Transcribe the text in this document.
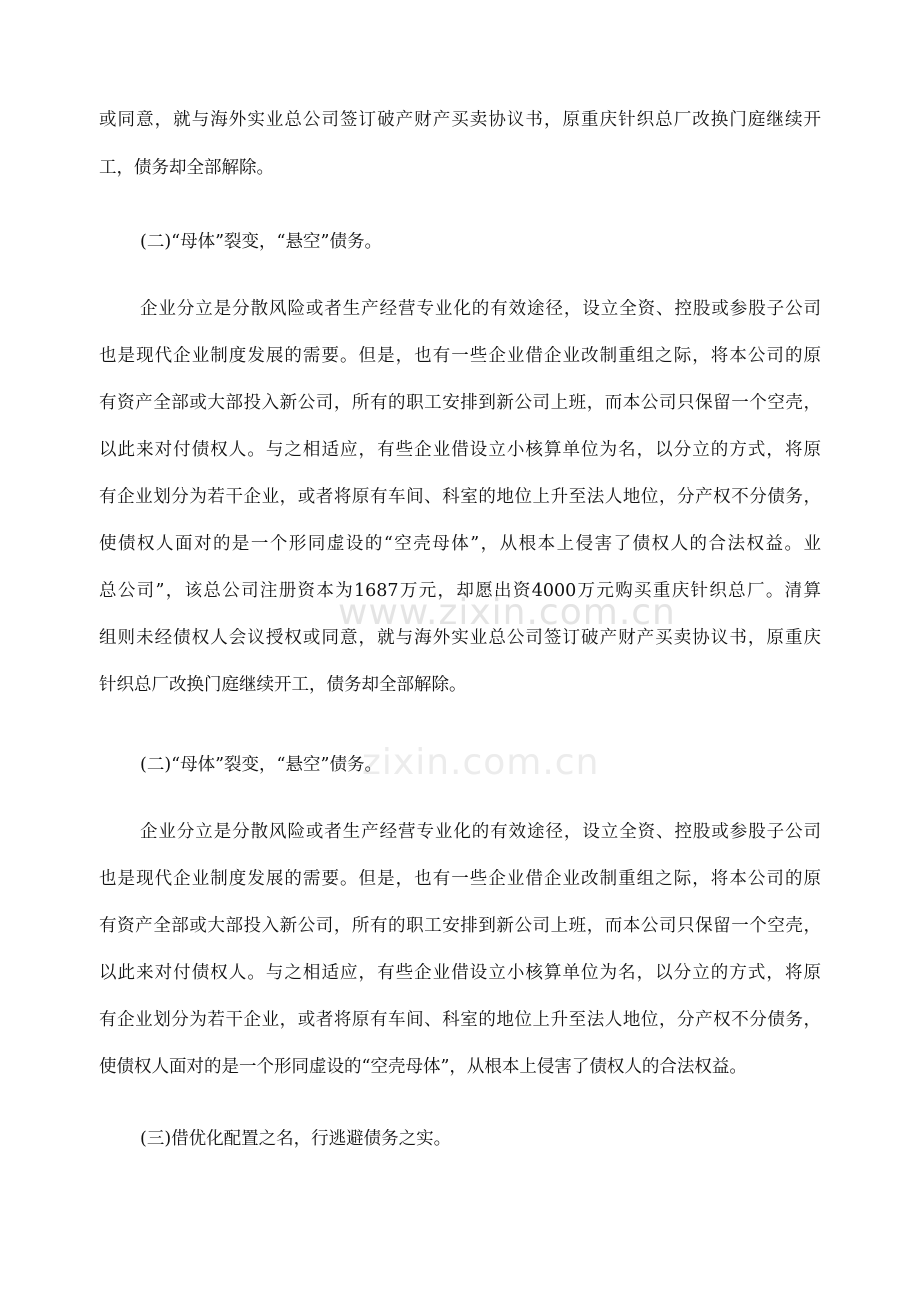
www.zixin.com.cn
zixin.com.cn
或同意，就与海外实业总公司签订破产财产买卖协议书，原重庆针织总厂改换门庭继续开
工，债务却全部解除。
(二)“母体”裂变，“悬空”债务。
企业分立是分散风险或者生产经营专业化的有效途径，设立全资、控股或参股子公司
也是现代企业制度发展的需要。但是，也有一些企业借企业改制重组之际，将本公司的原
有资产全部或大部投入新公司，所有的职工安排到新公司上班，而本公司只保留一个空壳，
以此来对付债权人。与之相适应，有些企业借设立小核算单位为名，以分立的方式，将原
有企业划分为若干企业，或者将原有车间、科室的地位上升至法人地位，分产权不分债务，
使债权人面对的是一个形同虚设的“空壳母体”，从根本上侵害了债权人的合法权益。业
总公司”，该总公司注册资本为1687万元，却愿出资4000万元购买重庆针织总厂。清算
组则未经债权人会议授权或同意，就与海外实业总公司签订破产财产买卖协议书，原重庆
针织总厂改换门庭继续开工，债务却全部解除。
(二)“母体”裂变，“悬空”债务。
企业分立是分散风险或者生产经营专业化的有效途径，设立全资、控股或参股子公司
也是现代企业制度发展的需要。但是，也有一些企业借企业改制重组之际，将本公司的原
有资产全部或大部投入新公司，所有的职工安排到新公司上班，而本公司只保留一个空壳，
以此来对付债权人。与之相适应，有些企业借设立小核算单位为名，以分立的方式，将原
有企业划分为若干企业，或者将原有车间、科室的地位上升至法人地位，分产权不分债务，
使债权人面对的是一个形同虚设的“空壳母体”，从根本上侵害了债权人的合法权益。
(三)借优化配置之名，行逃避债务之实。
